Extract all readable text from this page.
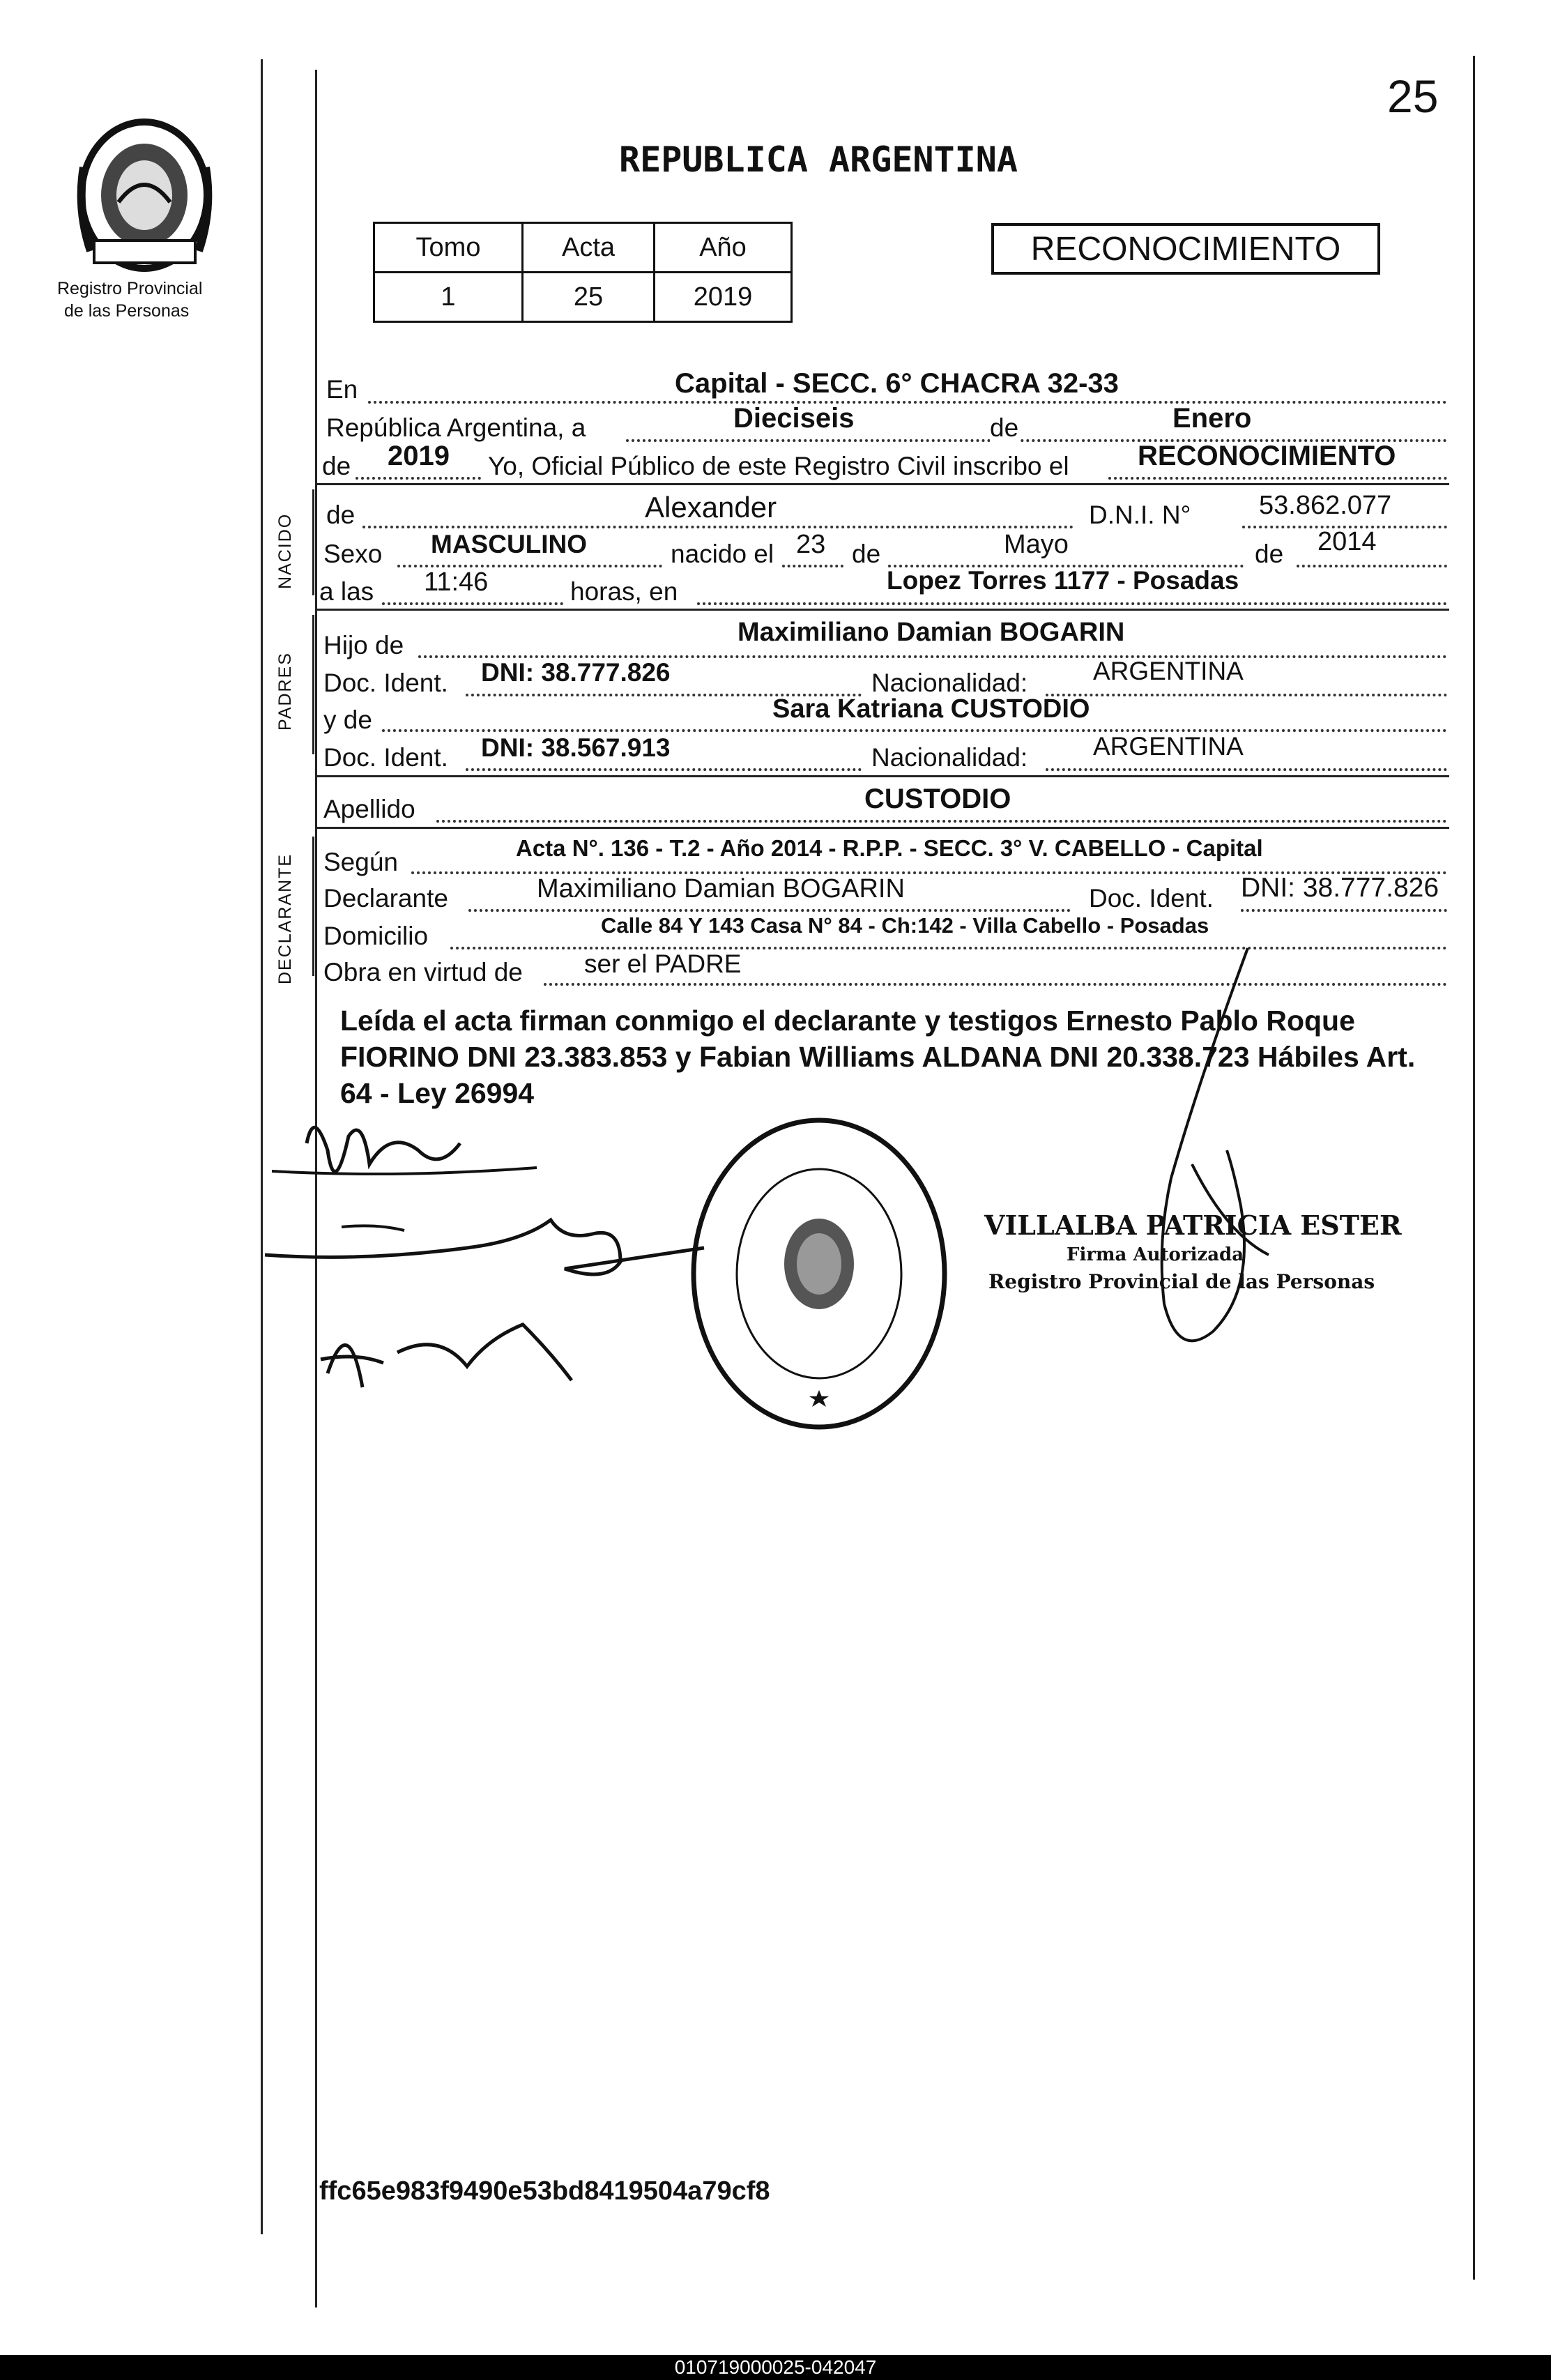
25
Registro Provincial
de las Personas
REPUBLICA ARGENTINA
Tomo	Acta	Año
1	25	2019
RECONOCIMIENTO
En	Capital - SECC. 6° CHACRA 32-33
República Argentina, a	Dieciseis	de	Enero
de 2019 Yo, Oficial Público de este Registro Civil inscribo el RECONOCIMIENTO
NACIDO de	Alexander	D.N.I. N°	53.862.077
Sexo MASCULINO	nacido el 23 de	Mayo	de 2014
a las 11:46	horas, en	Lopez Torres 1177 - Posadas
PADRES
Hijo de	Maximiliano Damian BOGARIN
Doc. Ident. DNI: 38.777.826	Nacionalidad:	ARGENTINA
y de	Sara Katriana CUSTODIO
Doc. Ident. DNI: 38.567.913	Nacionalidad:	ARGENTINA
Apellido	CUSTODIO
DECLARANTE Según	Acta N°. 136 - T.2 - Año 2014 - R.P.P. - SECC. 3° V. CABELLO - Capital
Declarante	Maximiliano Damian BOGARIN	Doc. Ident. DNI: 38.777.826
Domicilio	Calle 84 Y 143 Casa N° 84 - Ch:142 - Villa Cabello - Posadas
Obra en virtud de ser el PADRE
Leída el acta firman conmigo el declarante y testigos Ernesto Pablo Roque FIORINO DNI 23.383.853 y Fabian Williams ALDANA DNI 20.338.723 Hábiles Art. 64 - Ley 26994
VILLALBA PATRICIA ESTER
Firma Autorizada
Registro Provincial de las Personas
ffc65e983f9490e53bd8419504a79cf8
010719000025-042047
